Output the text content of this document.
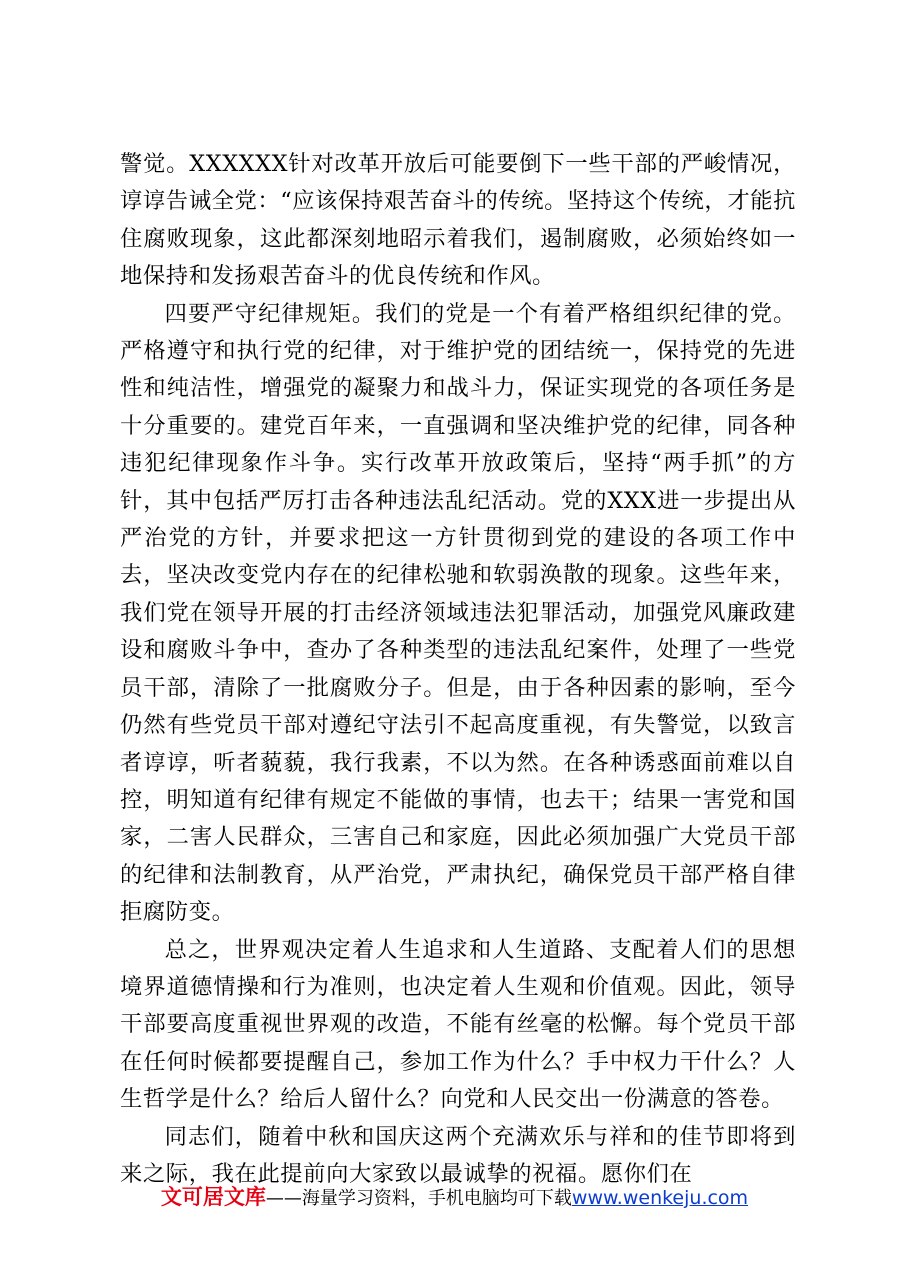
警觉。XXXXXX针对改革开放后可能要倒下一些干部的严峻情况，谆谆告诫全党：“应该保持艰苦奋斗的传统。坚持这个传统，才能抗住腐败现象，这此都深刻地昭示着我们，遏制腐败，必须始终如一地保持和发扬艰苦奋斗的优良传统和作风。

四要严守纪律规矩。我们的党是一个有着严格组织纪律的党。严格遵守和执行党的纪律，对于维护党的团结统一，保持党的先进性和纯洁性，增强党的凝聚力和战斗力，保证实现党的各项任务是十分重要的。建党百年来，一直强调和坚决维护党的纪律，同各种违犯纪律现象作斗争。实行改革开放政策后，坚持“两手抓”的方针，其中包括严厉打击各种违法乱纪活动。党的XXX进一步提出从严治党的方针，并要求把这一方针贯彻到党的建设的各项工作中去，坚决改变党内存在的纪律松驰和软弱涣散的现象。这些年来，我们党在领导开展的打击经济领域违法犯罪活动，加强党风廉政建设和腐败斗争中，查办了各种类型的违法乱纪案件，处理了一些党员干部，清除了一批腐败分子。但是，由于各种因素的影响，至今仍然有些党员干部对遵纪守法引不起高度重视，有失警觉，以致言者谆谆，听者藐藐，我行我素，不以为然。在各种诱惑面前难以自控，明知道有纪律有规定不能做的事情，也去干；结果一害党和国家，二害人民群众，三害自己和家庭，因此必须加强广大党员干部的纪律和法制教育，从严治党，严肃执纪，确保党员干部严格自律拒腐防变。

总之，世界观决定着人生追求和人生道路、支配着人们的思想境界道德情操和行为准则，也决定着人生观和价值观。因此，领导干部要高度重视世界观的改造，不能有丝毫的松懈。每个党员干部在任何时候都要提醒自己，参加工作为什么？手中权力干什么？人生哲学是什么？给后人留什么？向党和人民交出一份满意的答卷。

同志们，随着中秋和国庆这两个充满欢乐与祥和的佳节即将到来之际，我在此提前向大家致以最诚挚的祝福。愿你们在

文可居文库——海量学习资料，手机电脑均可下载www.wenkeju.com
